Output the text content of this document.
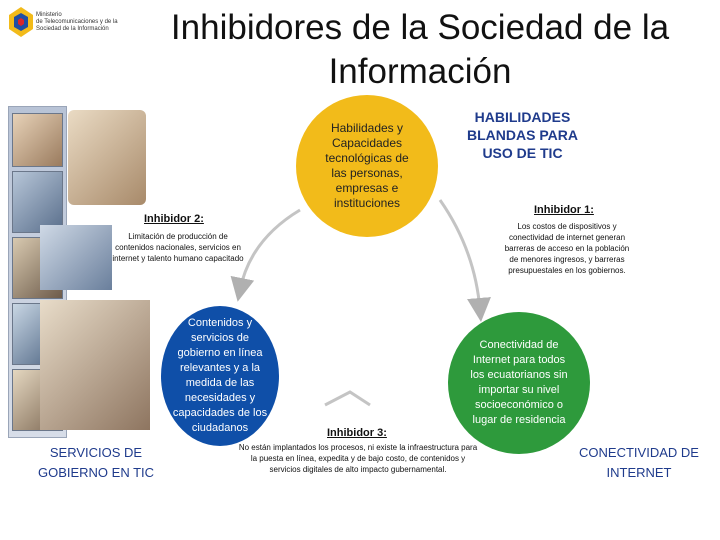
Ministerio
de Telecomunicaciones y de la
Sociedad de la Información	Inhibidores de la Sociedad de la Información
Habilidades y Capacidades tecnológicas de las personas, empresas e instituciones
Contenidos y servicios de gobierno en línea relevantes y a la medida de las necesidades y capacidades de los ciudadanos
Conectividad de Internet para todos los ecuatorianos sin importar su nivel socioeconómico o lugar de residencia
HABILIDADES BLANDAS PARA USO DE TIC
Inhibidor 1:
Los costos de dispositivos y conectividad de internet generan barreras de acceso en la población de menores ingresos, y barreras presupuestales en los gobiernos.
Inhibidor 2:
Limitación de producción de contenidos nacionales, servicios en internet y talento humano capacitado
Inhibidor 3:
No están implantados los procesos, ni existe la infraestructura para la puesta en línea, expedita y de bajo costo, de contenidos y servicios digitales de alto impacto gubernamental.
SERVICIOS DE GOBIERNO EN TIC
CONECTIVIDAD DE INTERNET
